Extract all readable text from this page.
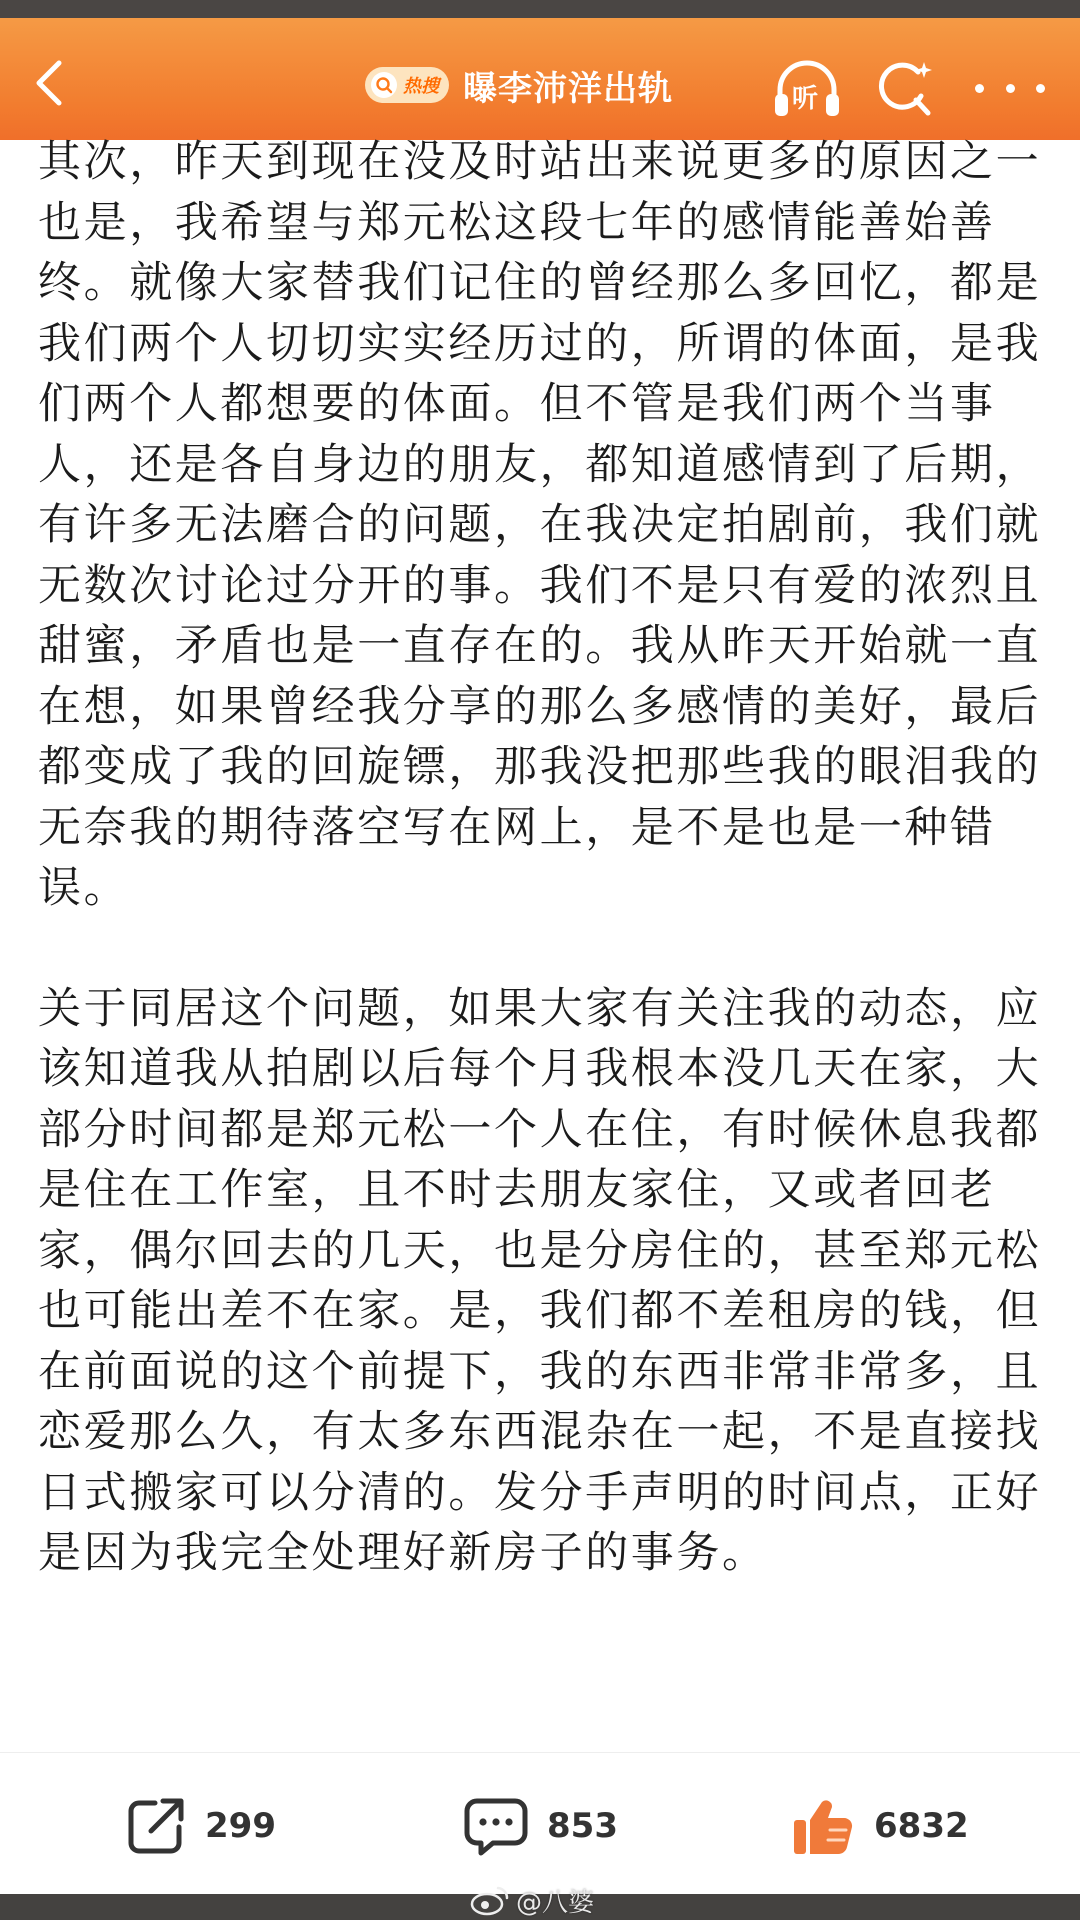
热搜 曝李沛洋出轨	听
其次，昨天到现在没及时站出来说更多的原因之一也是，我希望与郑元松这段七年的感情能善始善终。就像大家替我们记住的曾经那么多回忆，都是我们两个人切切实实经历过的，所谓的体面，是我们两个人都想要的体面。但不管是我们两个当事人，还是各自身边的朋友，都知道感情到了后期，有许多无法磨合的问题，在我决定拍剧前，我们就无数次讨论过分开的事。我们不是只有爱的浓烈且甜蜜，矛盾也是一直存在的。我从昨天开始就一直在想，如果曾经我分享的那么多感情的美好，最后都变成了我的回旋镖，那我没把那些我的眼泪我的无奈我的期待落空写在网上，是不是也是一种错误。
关于同居这个问题，如果大家有关注我的动态，应该知道我从拍剧以后每个月我根本没几天在家，大部分时间都是郑元松一个人在住，有时候休息我都是住在工作室，且不时去朋友家住，又或者回老家，偶尔回去的几天，也是分房住的，甚至郑元松也可能出差不在家。是，我们都不差租房的钱，但在前面说的这个前提下，我的东西非常非常多，且恋爱那么久，有太多东西混杂在一起，不是直接找日式搬家可以分清的。发分手声明的时间点，正好是因为我完全处理好新房子的事务。
299	853	6832
@八婆
